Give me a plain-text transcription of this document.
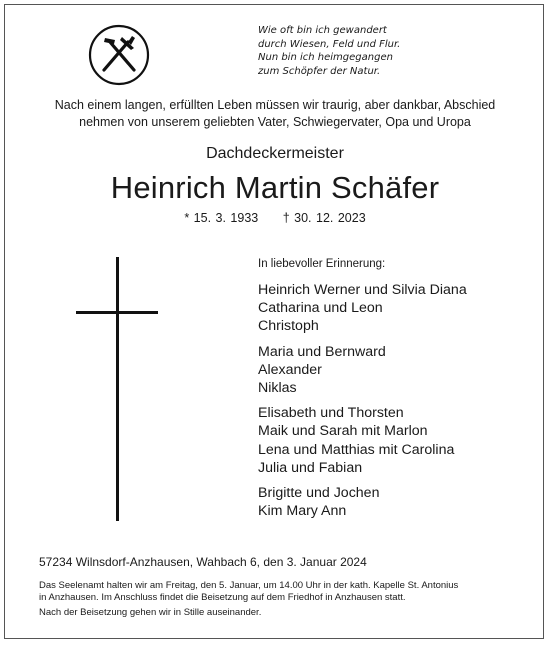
Wie oft bin ich gewandert
durch Wiesen, Feld und Flur.
Nun bin ich heimgegangen
zum Schöpfer der Natur.
Nach einem langen, erfüllten Leben müssen wir traurig, aber dankbar, Abschied
nehmen von unserem geliebten Vater, Schwiegervater, Opa und Uropa
Dachdeckermeister
Heinrich Martin Schäfer
* 15. 3. 1933 † 30. 12. 2023
In liebevoller Erinnerung:
Heinrich Werner und Silvia Diana
Catharina und Leon
Christoph
Maria und Bernward
Alexander
Niklas
Elisabeth und Thorsten
Maik und Sarah mit Marlon
Lena und Matthias mit Carolina
Julia und Fabian
Brigitte und Jochen
Kim Mary Ann
57234 Wilnsdorf-Anzhausen, Wahbach 6, den 3. Januar 2024
Das Seelenamt halten wir am Freitag, den 5. Januar, um 14.00 Uhr in der kath. Kapelle St. Antonius
in Anzhausen. Im Anschluss findet die Beisetzung auf dem Friedhof in Anzhausen statt.
Nach der Beisetzung gehen wir in Stille auseinander.
